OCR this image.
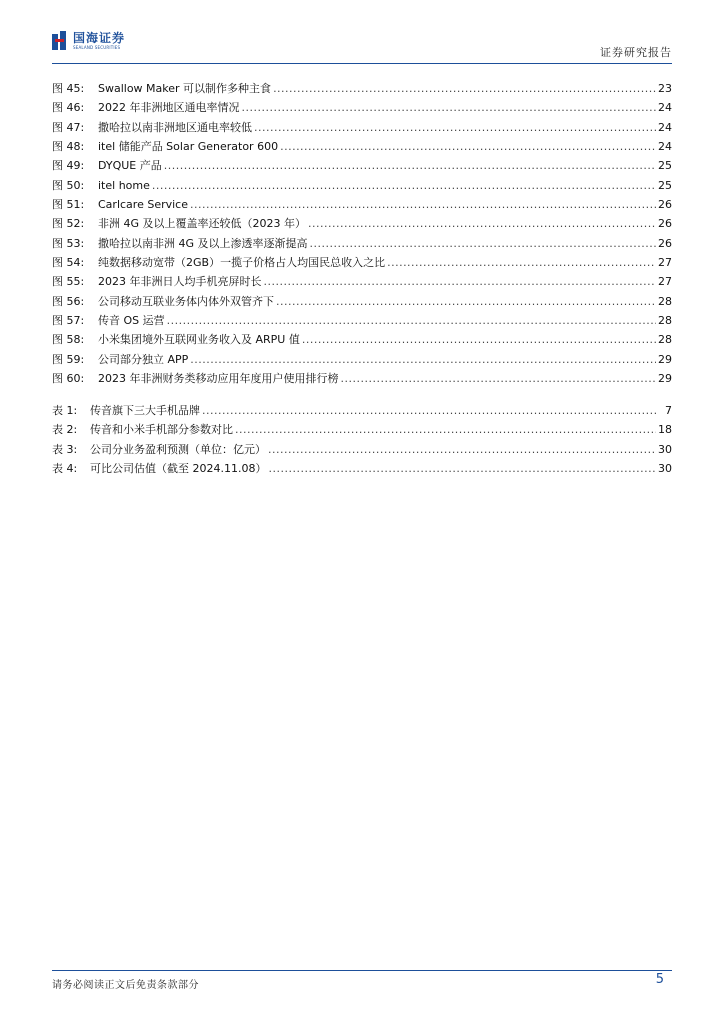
国海证券
SEALAND SECURITIES	证券研究报告
图 45:	Swallow Maker 可以制作多种主食 .....	23
图 46:	2022 年非洲地区通电率情况 .....	24
图 47:	撒哈拉以南非洲地区通电率较低 .....	24
图 48:	itel 储能产品 Solar Generator 600 .....	24
图 49:	DYQUE 产品 .....	25
图 50:	itel home .....	25
图 51:	Carlcare Service .....	26
图 52:	非洲 4G 及以上覆盖率还较低（2023 年） .....	26
图 53:	撒哈拉以南非洲 4G 及以上渗透率逐渐提高 .....	26
图 54:	纯数据移动宽带（2GB）一揽子价格占人均国民总收入之比 .....	27
图 55:	2023 年非洲日人均手机亮屏时长 .....	27
图 56:	公司移动互联业务体内体外双管齐下 .....	28
图 57:	传音 OS 运营 .....	28
图 58:	小米集团境外互联网业务收入及 ARPU 值 .....	28
图 59:	公司部分独立 APP .....	29
图 60:	2023 年非洲财务类移动应用年度用户使用排行榜 .....	29
表 1:	传音旗下三大手机品牌 .....	7
表 2:	传音和小米手机部分参数对比 .....	18
表 3:	公司分业务盈利预测（单位：亿元） .....	30
表 4:	可比公司估值（截至 2024.11.08） .....	30
请务必阅读正文后免责条款部分	5
